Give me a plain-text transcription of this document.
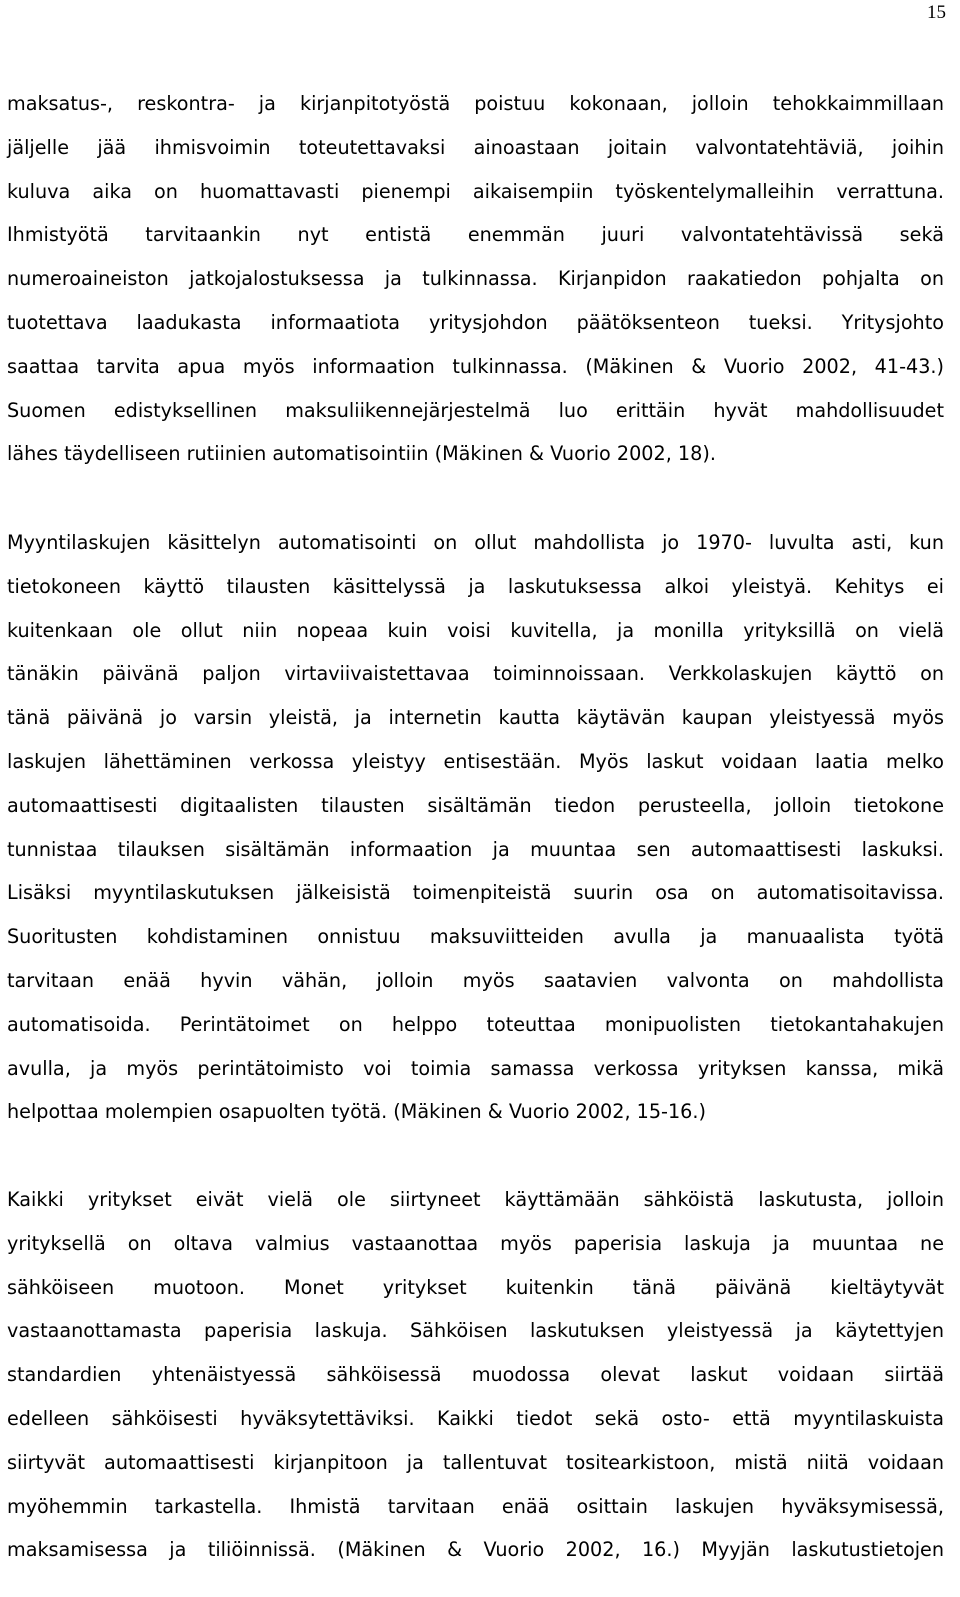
15
maksatus-, reskontra- ja kirjanpitotyöstä poistuu kokonaan, jolloin tehokkaimmillaan
jäljelle jää ihmisvoimin toteutettavaksi ainoastaan joitain valvontatehtäviä, joihin
kuluva aika on huomattavasti pienempi aikaisempiin työskentelymalleihin verrattuna.
Ihmistyötä tarvitaankin nyt entistä enemmän juuri valvontatehtävissä sekä
numeroaineiston jatkojalostuksessa ja tulkinnassa. Kirjanpidon raakatiedon pohjalta on
tuotettava laadukasta informaatiota yritysjohdon päätöksenteon tueksi. Yritysjohto
saattaa tarvita apua myös informaation tulkinnassa. (Mäkinen & Vuorio 2002, 41-43.)
Suomen edistyksellinen maksuliikennejärjestelmä luo erittäin hyvät mahdollisuudet
lähes täydelliseen rutiinien automatisointiin (Mäkinen & Vuorio 2002, 18).
Myyntilaskujen käsittelyn automatisointi on ollut mahdollista jo 1970- luvulta asti, kun
tietokoneen käyttö tilausten käsittelyssä ja laskutuksessa alkoi yleistyä. Kehitys ei
kuitenkaan ole ollut niin nopeaa kuin voisi kuvitella, ja monilla yrityksillä on vielä
tänäkin päivänä paljon virtaviivaistettavaa toiminnoissaan. Verkkolaskujen käyttö on
tänä päivänä jo varsin yleistä, ja internetin kautta käytävän kaupan yleistyessä myös
laskujen lähettäminen verkossa yleistyy entisestään. Myös laskut voidaan laatia melko
automaattisesti digitaalisten tilausten sisältämän tiedon perusteella, jolloin tietokone
tunnistaa tilauksen sisältämän informaation ja muuntaa sen automaattisesti laskuksi.
Lisäksi myyntilaskutuksen jälkeisistä toimenpiteistä suurin osa on automatisoitavissa.
Suoritusten kohdistaminen onnistuu maksuviitteiden avulla ja manuaalista työtä
tarvitaan enää hyvin vähän, jolloin myös saatavien valvonta on mahdollista
automatisoida. Perintätoimet on helppo toteuttaa monipuolisten tietokantahakujen
avulla, ja myös perintätoimisto voi toimia samassa verkossa yrityksen kanssa, mikä
helpottaa molempien osapuolten työtä. (Mäkinen & Vuorio 2002, 15-16.)
Kaikki yritykset eivät vielä ole siirtyneet käyttämään sähköistä laskutusta, jolloin
yrityksellä on oltava valmius vastaanottaa myös paperisia laskuja ja muuntaa ne
sähköiseen muotoon. Monet yritykset kuitenkin tänä päivänä kieltäytyvät
vastaanottamasta paperisia laskuja. Sähköisen laskutuksen yleistyessä ja käytettyjen
standardien yhtenäistyessä sähköisessä muodossa olevat laskut voidaan siirtää
edelleen sähköisesti hyväksytettäviksi. Kaikki tiedot sekä osto- että myyntilaskuista
siirtyvät automaattisesti kirjanpitoon ja tallentuvat tositearkistoon, mistä niitä voidaan
myöhemmin tarkastella. Ihmistä tarvitaan enää osittain laskujen hyväksymisessä,
maksamisessa ja tiliöinnissä. (Mäkinen & Vuorio 2002, 16.) Myyjän laskutustietojen
